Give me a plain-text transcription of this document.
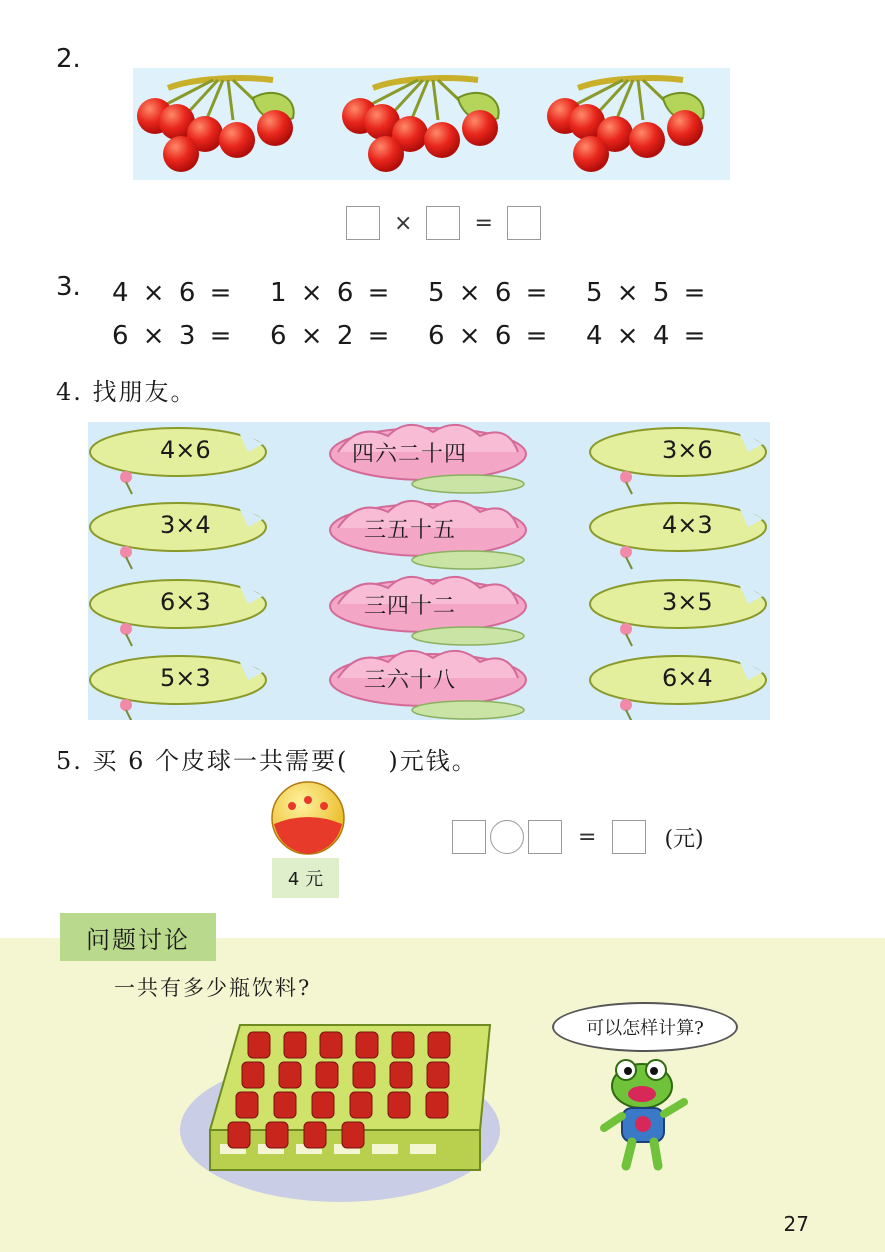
2.
×	=
3. 4 × 6 = 1 × 6 = 5 × 6 = 5 × 5 =
6 × 3 = 6 × 2 = 6 × 6 = 4 × 4 =
4. 找朋友。
4×6
3×4
6×3
5×3
3×6
4×3
3×5
6×4
四六二十四
三五十五
三四十二
三六十八
5. 买 6 个皮球一共需要( )元钱。
4 元
=	(元)
问题讨论
一共有多少瓶饮料?
可以怎样计算?
27
